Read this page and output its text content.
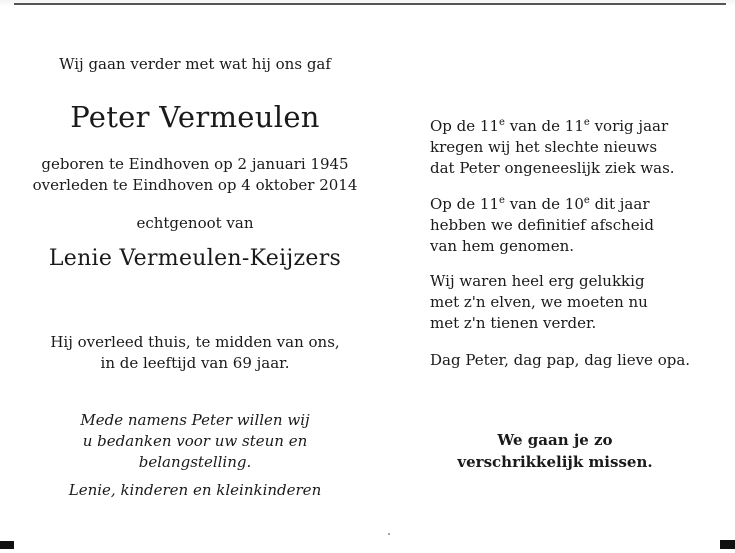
Wij gaan verder met wat hij ons gaf
Peter Vermeulen
geboren te Eindhoven op 2 januari 1945
overleden te Eindhoven op 4 oktober 2014
echtgenoot van
Lenie Vermeulen-Keijzers
Hij overleed thuis, te midden van ons,
in de leeftijd van 69 jaar.
Mede namens Peter willen wij
u bedanken voor uw steun en
belangstelling.
Lenie, kinderen en kleinkinderen
Op de 11e van de 11e vorig jaar
kregen wij het slechte nieuws
dat Peter ongeneeslijk ziek was.
Op de 11e van de 10e dit jaar
hebben we definitief afscheid
van hem genomen.
Wij waren heel erg gelukkig
met z'n elven, we moeten nu
met z'n tienen verder.
Dag Peter, dag pap, dag lieve opa.
We gaan je zo
verschrikkelijk missen.
